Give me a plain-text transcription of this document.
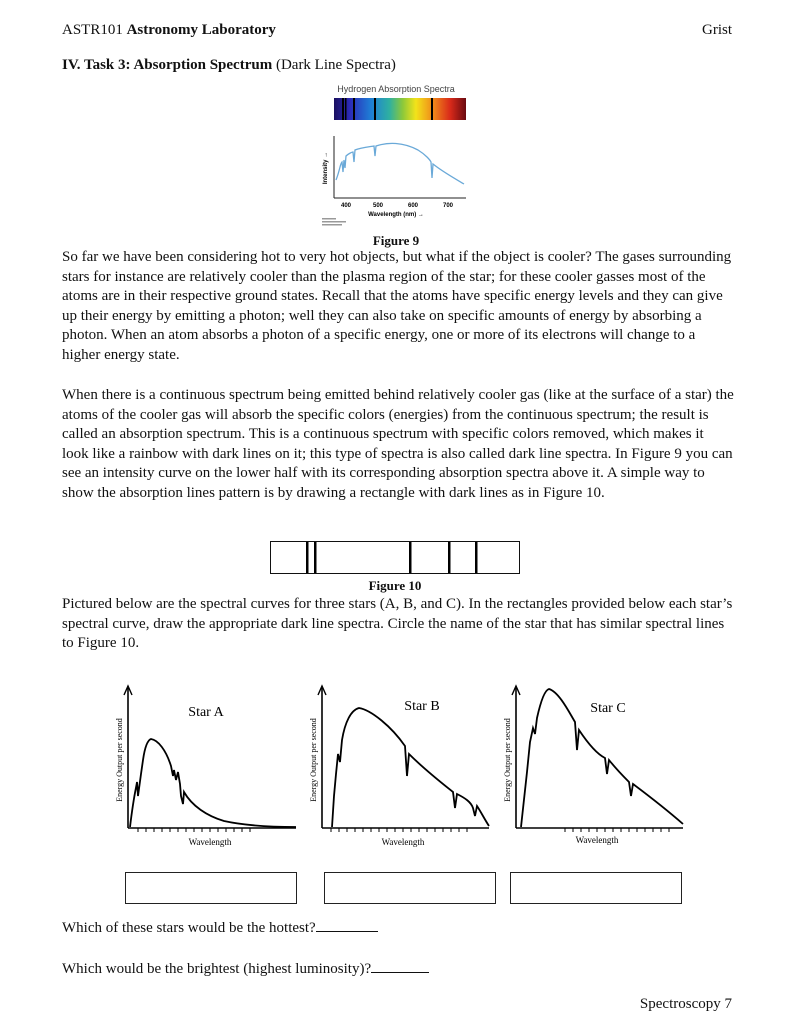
ASTR101 Astronomy Laboratory	Grist
IV. Task 3: Absorption Spectrum (Dark Line Spectra)
Hydrogen Absorption Spectra
Intensity →
400	500	600	700
Wavelength (nm) →
Figure 9

So far we have been considering hot to very hot objects, but what if the object is cooler? The gases surrounding stars for instance are relatively cooler than the plasma region of the star; for these cooler gasses most of the atoms are in their respective ground states. Recall that the atoms have specific energy levels and they can give up their energy by emitting a photon; well they can also take on specific amounts of energy by absorbing a photon. When an atom absorbs a photon of a specific energy, one or more of its electrons will change to a higher energy state.

When there is a continuous spectrum being emitted behind relatively cooler gas (like at the surface of a star) the atoms of the cooler gas will absorb the specific colors (energies) from the continuous spectrum; the result is called an absorption spectrum. This is a continuous spectrum with specific colors removed, which makes it look like a rainbow with dark lines on it; this type of spectra is also called dark line spectra. In Figure 9 you can see an intensity curve on the lower half with its corresponding absorption spectra above it. A simple way to show the absorption lines pattern is by drawing a rectangle with dark lines as in Figure 10.

Figure 10

Pictured below are the spectral curves for three stars (A, B, and C). In the rectangles provided below each star’s spectral curve, draw the appropriate dark line spectra. Circle the name of the star that has similar spectral lines to Figure 10.

Star A
Energy Output per second
Wavelength
Star B
Energy Output per second
Wavelength
Star C
Energy Output per second
Wavelength
Which of these stars would be the hottest?
Which would be the brightest (highest luminosity)?
Spectroscopy 7
